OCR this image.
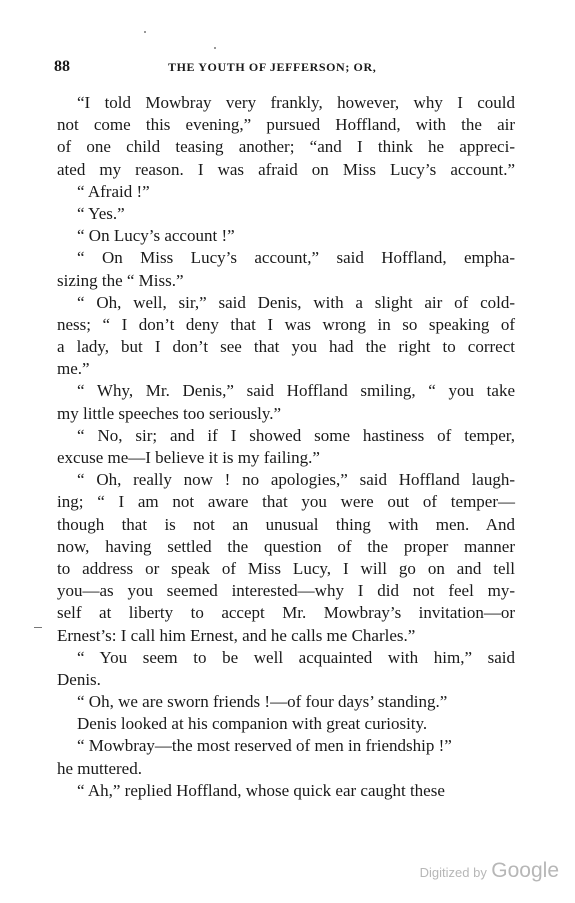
88	THE YOUTH OF JEFFERSON; OR,
“I told Mowbray very frankly, however, why I could
not come this evening,” pursued Hoffland, with the air
of one child teasing another; “and I think he appreci-
ated my reason. I was afraid on Miss Lucy’s account.”
“ Afraid !”
“ Yes.”
“ On Lucy’s account !”
“ On Miss Lucy’s account,” said Hoffland, empha-
sizing the “ Miss.”
“ Oh, well, sir,” said Denis, with a slight air of cold-
ness; “ I don’t deny that I was wrong in so speaking of
a lady, but I don’t see that you had the right to correct
me.”
“ Why, Mr. Denis,” said Hoffland smiling, “ you take
my little speeches too seriously.”
“ No, sir; and if I showed some hastiness of temper,
excuse me—I believe it is my failing.”
“ Oh, really now ! no apologies,” said Hoffland laugh-
ing; “ I am not aware that you were out of temper—
though that is not an unusual thing with men. And
now, having settled the question of the proper manner
to address or speak of Miss Lucy, I will go on and tell
you—as you seemed interested—why I did not feel my-
self at liberty to accept Mr. Mowbray’s invitation—or
Ernest’s: I call him Ernest, and he calls me Charles.”
“ You seem to be well acquainted with him,” said
Denis.
“ Oh, we are sworn friends !—of four days’ standing.”
Denis looked at his companion with great curiosity.
“ Mowbray—the most reserved of men in friendship !”
he muttered.
“ Ah,” replied Hoffland, whose quick ear caught these
Digitized by Google
